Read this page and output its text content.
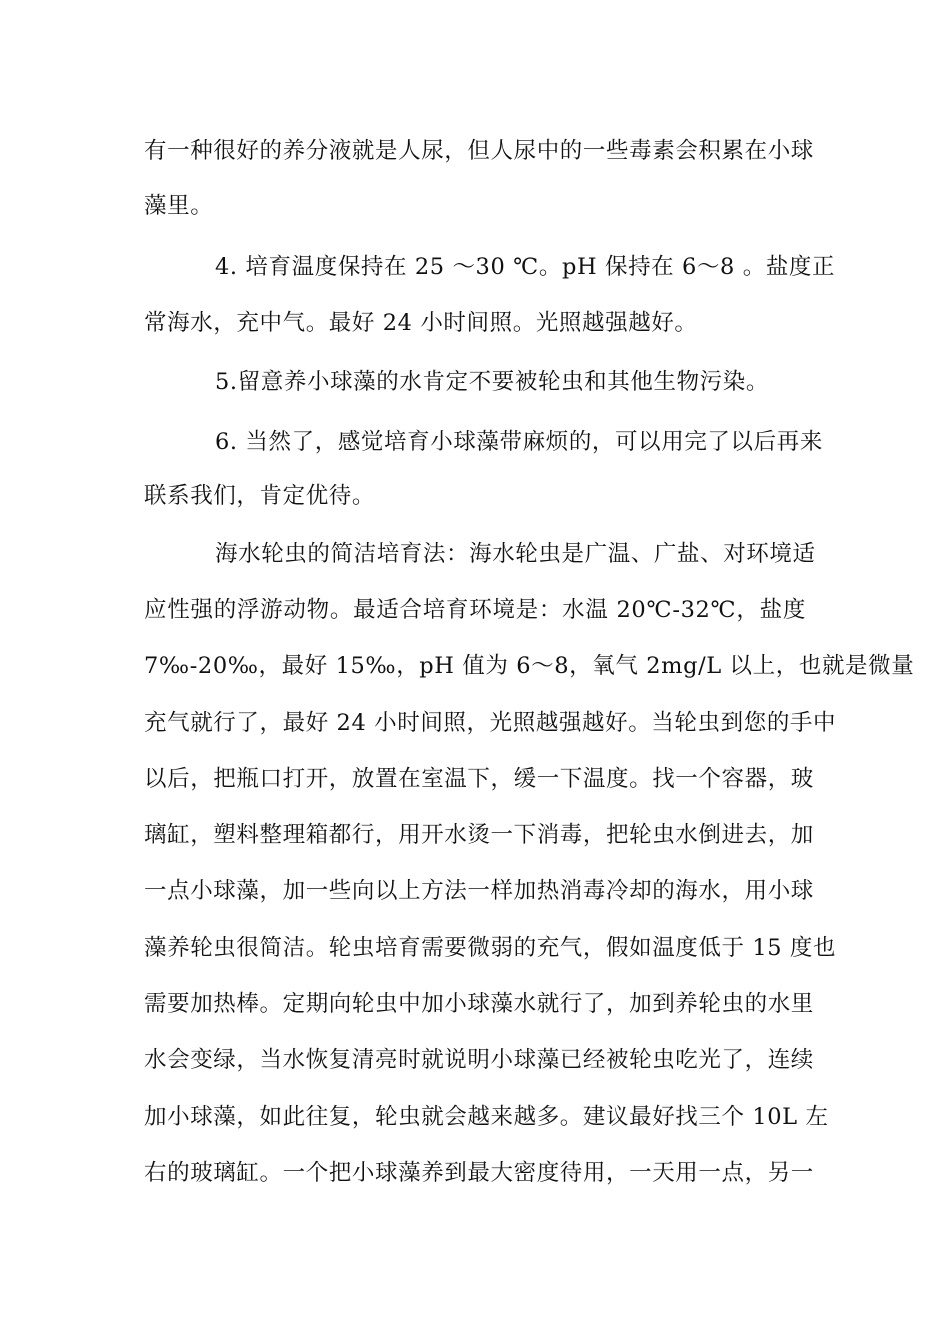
有一种很好的养分液就是人尿，但人尿中的一些毒素会积累在小球
藻里。
4. 培育温度保持在 25 ～30 ℃。pH 保持在 6～8 。盐度正
常海水，充中气。最好 24 小时间照。光照越强越好。
5.留意养小球藻的水肯定不要被轮虫和其他生物污染。
6. 当然了，感觉培育小球藻带麻烦的，可以用完了以后再来
联系我们，肯定优待。
海水轮虫的简洁培育法：海水轮虫是广温、广盐、对环境适
应性强的浮游动物。最适合培育环境是：水温 20℃-32℃，盐度
7‰-20‰，最好 15‰，pH 值为 6～8，氧气 2mg/L 以上，也就是微量
充气就行了，最好 24 小时间照，光照越强越好。当轮虫到您的手中
以后，把瓶口打开，放置在室温下，缓一下温度。找一个容器，玻
璃缸，塑料整理箱都行，用开水烫一下消毒，把轮虫水倒进去，加
一点小球藻，加一些向以上方法一样加热消毒冷却的海水，用小球
藻养轮虫很简洁。轮虫培育需要微弱的充气，假如温度低于 15 度也
需要加热棒。定期向轮虫中加小球藻水就行了，加到养轮虫的水里
水会变绿，当水恢复清亮时就说明小球藻已经被轮虫吃光了，连续
加小球藻，如此往复，轮虫就会越来越多。建议最好找三个 10L 左
右的玻璃缸。一个把小球藻养到最大密度待用，一天用一点，另一
